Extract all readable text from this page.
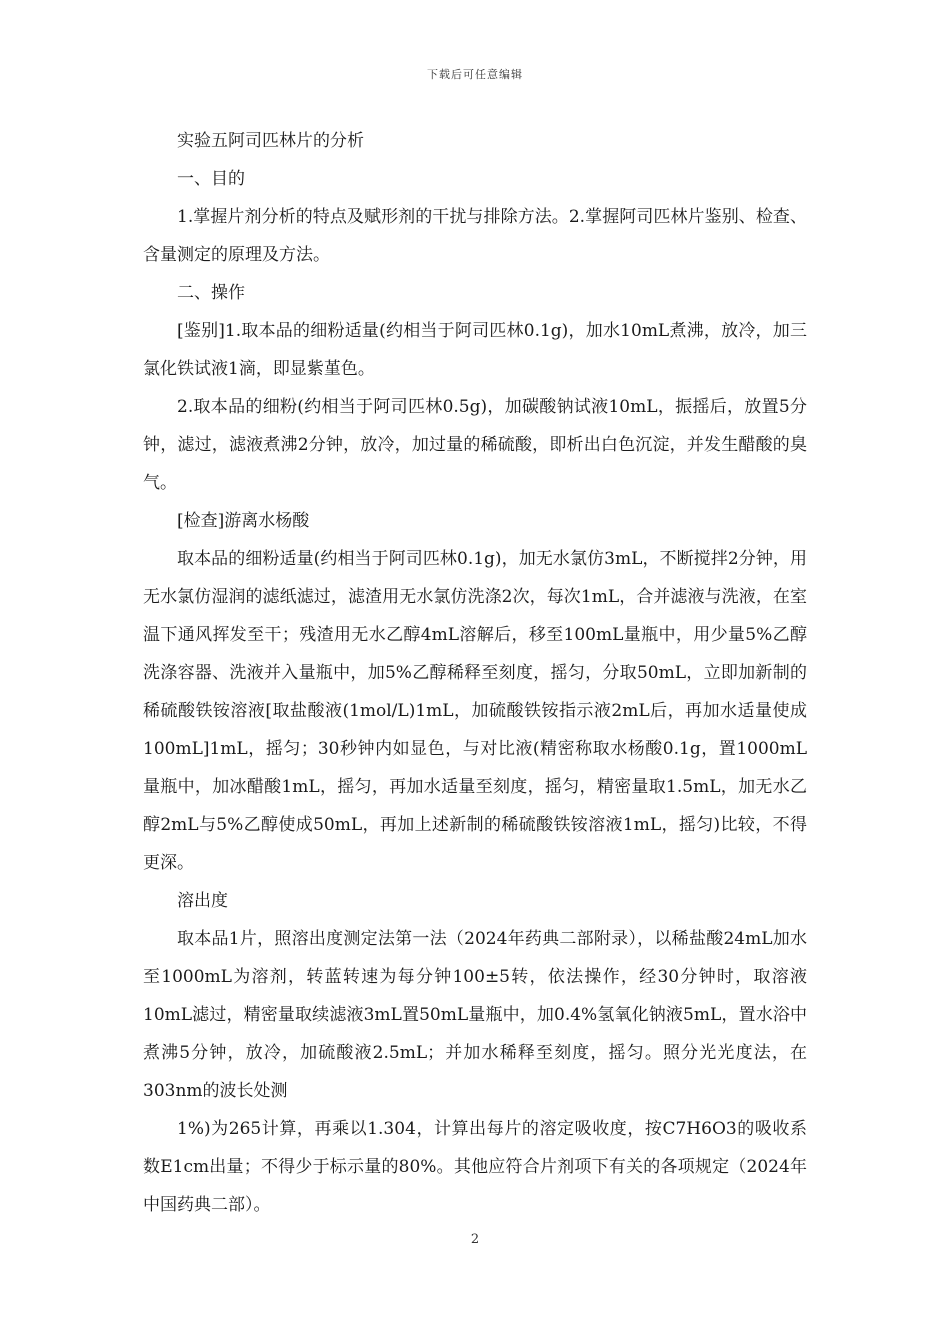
下载后可任意编辑

实验五阿司匹林片的分析

一、目的

1.掌握片剂分析的特点及赋形剂的干扰与排除方法。2.掌握阿司匹林片鉴别、检查、含量测定的原理及方法。

二、操作

[鉴别]1.取本品的细粉适量(约相当于阿司匹林0.1g)，加水10mL煮沸，放冷，加三氯化铁试液1滴，即显紫堇色。

2.取本品的细粉(约相当于阿司匹林0.5g)，加碳酸钠试液10mL，振摇后，放置5分钟，滤过，滤液煮沸2分钟，放冷，加过量的稀硫酸，即析出白色沉淀，并发生醋酸的臭气。

[检查]游离水杨酸

取本品的细粉适量(约相当于阿司匹林0.1g)，加无水氯仿3mL，不断搅拌2分钟，用无水氯仿湿润的滤纸滤过，滤渣用无水氯仿洗涤2次，每次1mL，合并滤液与洗液，在室温下通风挥发至干；残渣用无水乙醇4mL溶解后，移至100mL量瓶中，用少量5%乙醇洗涤容器、洗液并入量瓶中，加5%乙醇稀释至刻度，摇匀，分取50mL，立即加新制的稀硫酸铁铵溶液[取盐酸液(1mol/L)1mL，加硫酸铁铵指示液2mL后，再加水适量使成100mL]1mL，摇匀；30秒钟内如显色，与对比液(精密称取水杨酸0.1g，置1000mL量瓶中，加冰醋酸1mL，摇匀，再加水适量至刻度，摇匀，精密量取1.5mL，加无水乙醇2mL与5%乙醇使成50mL，再加上述新制的稀硫酸铁铵溶液1mL，摇匀)比较，不得更深。

溶出度

取本品1片，照溶出度测定法第一法（2024年药典二部附录），以稀盐酸24mL加水至1000mL为溶剂，转蓝转速为每分钟100±5转，依法操作，经30分钟时，取溶液10mL滤过，精密量取续滤液3mL置50mL量瓶中，加0.4%氢氧化钠液5mL，置水浴中煮沸5分钟，放冷，加硫酸液2.5mL；并加水稀释至刻度，摇匀。照分光光度法，在303nm的波长处测

1%)为265计算，再乘以1.304，计算出每片的溶定吸收度，按C7H6O3的吸收系数E1cm出量；不得少于标示量的80%。其他应符合片剂项下有关的各项规定（2024年中国药典二部）。

2
